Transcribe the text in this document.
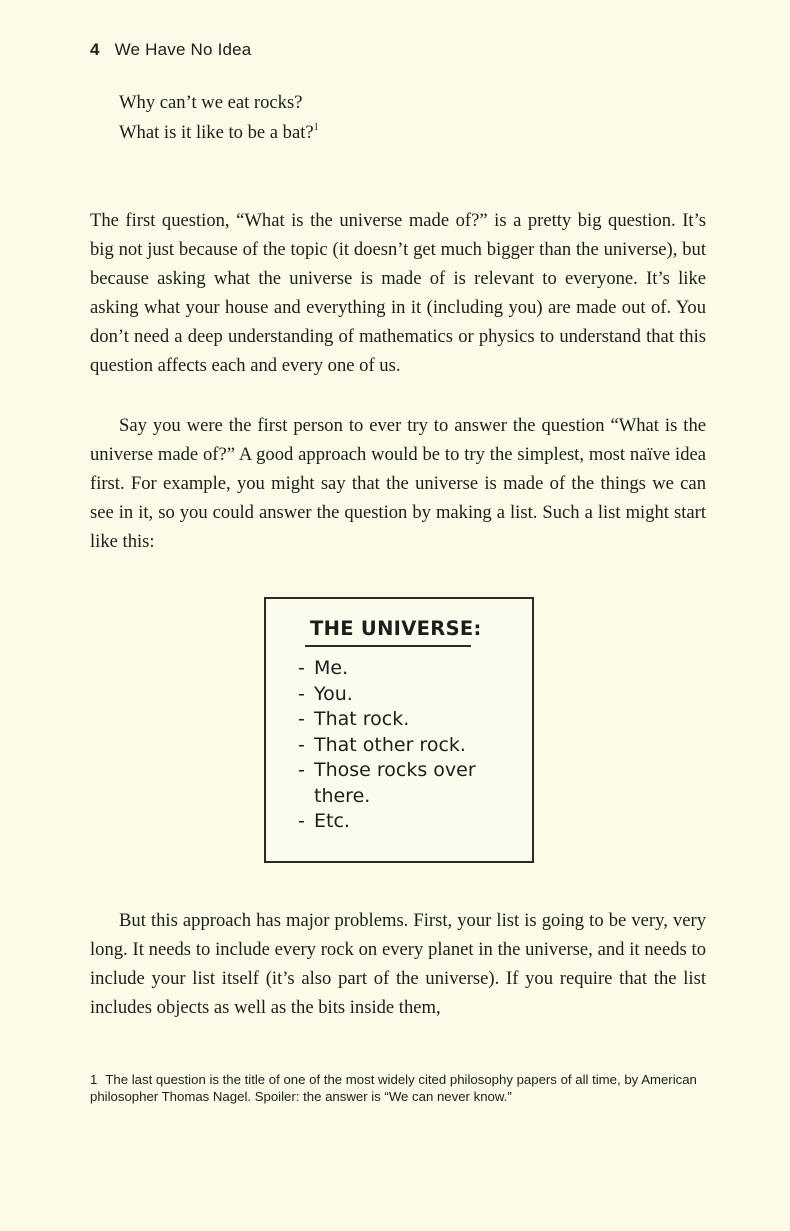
4 We Have No Idea
Why can’t we eat rocks?
What is it like to be a bat?$^1$

The first question, “What is the universe made of?” is a pretty big question. It’s big not just because of the topic (it doesn’t get much bigger than the universe), but because asking what the universe is made of is relevant to everyone. It’s like asking what your house and everything in it (including you) are made out of. You don’t need a deep understanding of mathematics or physics to understand that this question affects each and every one of us.

Say you were the first person to ever try to answer the question “What is the universe made of?” A good approach would be to try the simplest, most naïve idea first. For example, you might say that the universe is made of the things we can see in it, so you could answer the question by making a list. Such a list might start like this:

THE UNIVERSE:
- Me.
- You.
- That rock.
- That other rock.
- Those rocks over
there.
- Etc.

But this approach has major problems. First, your list is going to be very, very long. It needs to include every rock on every planet in the universe, and it needs to include your list itself (it’s also part of the universe). If you require that the list includes objects as well as the bits inside them,

1 The last question is the title of one of the most widely cited philosophy papers of all time, by American philosopher Thomas Nagel. Spoiler: the answer is “We can never know.”
